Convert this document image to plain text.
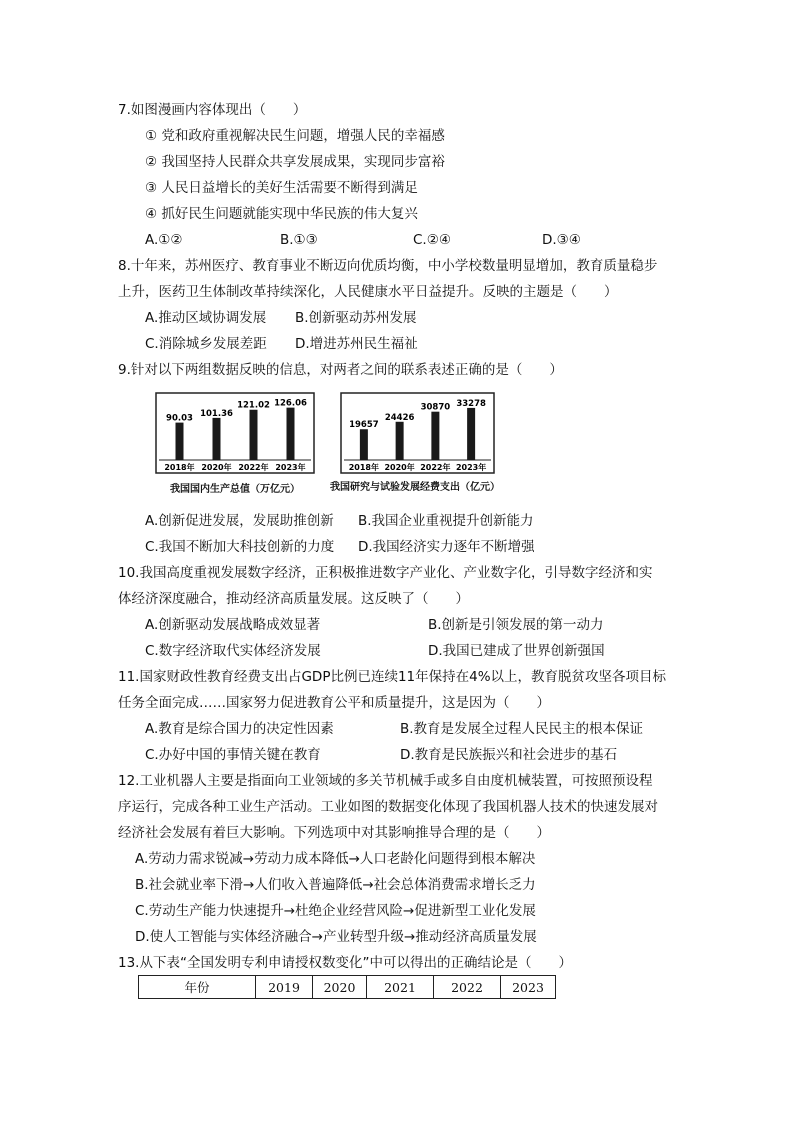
7.如图漫画内容体现出（　　）
① 党和政府重视解决民生问题，增强人民的幸福感
② 我国坚持人民群众共享发展成果，实现同步富裕
③ 人民日益增长的美好生活需要不断得到满足
④ 抓好民生问题就能实现中华民族的伟大复兴
A.①②	B.①③	C.②④	D.③④
8.十年来，苏州医疗、教育事业不断迈向优质均衡，中小学校数量明显增加，教育质量稳步
上升，医药卫生体制改革持续深化，人民健康水平日益提升。反映的主题是（　　）
A.推动区域协调发展 B.创新驱动苏州发展
C.消除城乡发展差距 D.增进苏州民生福祉
9.针对以下两组数据反映的信息，对两者之间的联系表述正确的是（　　）
90.03
2018年
101.36
2020年
121.02
2022年
126.06
2023年
我国国内生产总值（万亿元）
19657
2018年
24426
2020年
30870
2022年
33278
2023年
我国研究与试验发展经费支出（亿元）
A.创新促进发展，发展助推创新 B.我国企业重视提升创新能力
C.我国不断加大科技创新的力度 D.我国经济实力逐年不断增强
10.我国高度重视发展数字经济，正积极推进数字产业化、产业数字化，引导数字经济和实
体经济深度融合，推动经济高质量发展。这反映了（　　）
A.创新驱动发展战略成效显著	B.创新是引领发展的第一动力
C.数字经济取代实体经济发展	D.我国已建成了世界创新强国
11.国家财政性教育经费支出占GDP比例已连续11年保持在4%以上，教育脱贫攻坚各项目标
任务全面完成……国家努力促进教育公平和质量提升，这是因为（　　）
A.教育是综合国力的决定性因素	B.教育是发展全过程人民民主的根本保证
C.办好中国的事情关键在教育	D.教育是民族振兴和社会进步的基石
12.工业机器人主要是指面向工业领域的多关节机械手或多自由度机械装置，可按照预设程
序运行，完成各种工业生产活动。工业如图的数据变化体现了我国机器人技术的快速发展对
经济社会发展有着巨大影响。下列选项中对其影响推导合理的是（　　）
A.劳动力需求锐减→劳动力成本降低→人口老龄化问题得到根本解决
B.社会就业率下滑→人们收入普遍降低→社会总体消费需求增长乏力
C.劳动生产能力快速提升→杜绝企业经营风险→促进新型工业化发展
D.使人工智能与实体经济融合→产业转型升级→推动经济高质量发展
13.从下表“全国发明专利申请授权数变化”中可以得出的正确结论是（　　）
年份	2019	2020	2021	2022	2023
